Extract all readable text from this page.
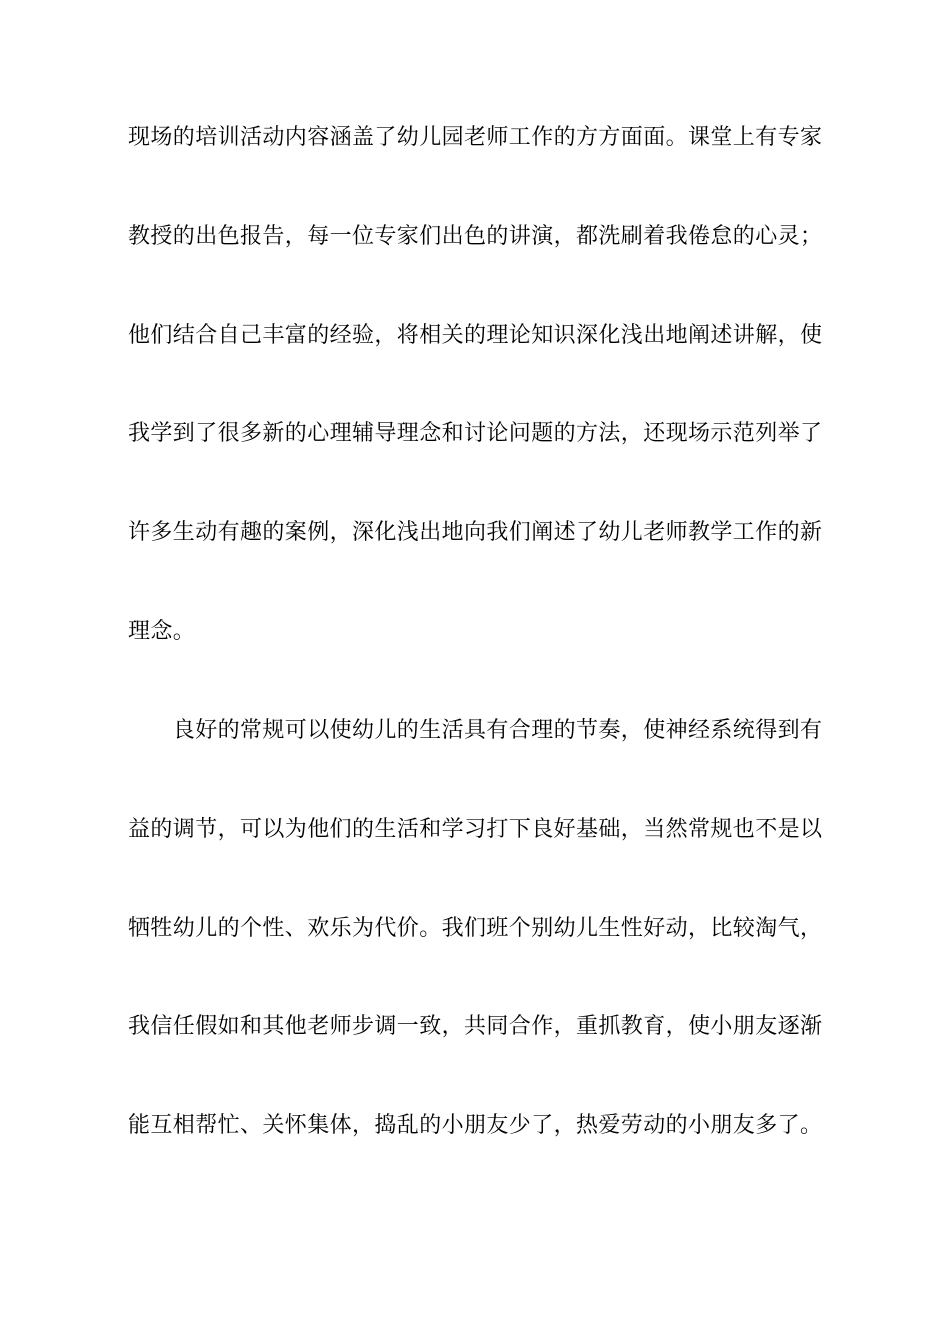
现场的培训活动内容涵盖了幼儿园老师工作的方方面面。课堂上有专家
教授的出色报告，每一位专家们出色的讲演，都洗刷着我倦怠的心灵；
他们结合自己丰富的经验，将相关的理论知识深化浅出地阐述讲解，使
我学到了很多新的心理辅导理念和讨论问题的方法，还现场示范列举了
许多生动有趣的案例，深化浅出地向我们阐述了幼儿老师教学工作的新
理念。
　　良好的常规可以使幼儿的生活具有合理的节奏，使神经系统得到有
益的调节，可以为他们的生活和学习打下良好基础，当然常规也不是以
牺牲幼儿的个性、欢乐为代价。我们班个别幼儿生性好动，比较淘气，
我信任假如和其他老师步调一致，共同合作，重抓教育，使小朋友逐渐
能互相帮忙、关怀集体，捣乱的小朋友少了，热爱劳动的小朋友多了。
